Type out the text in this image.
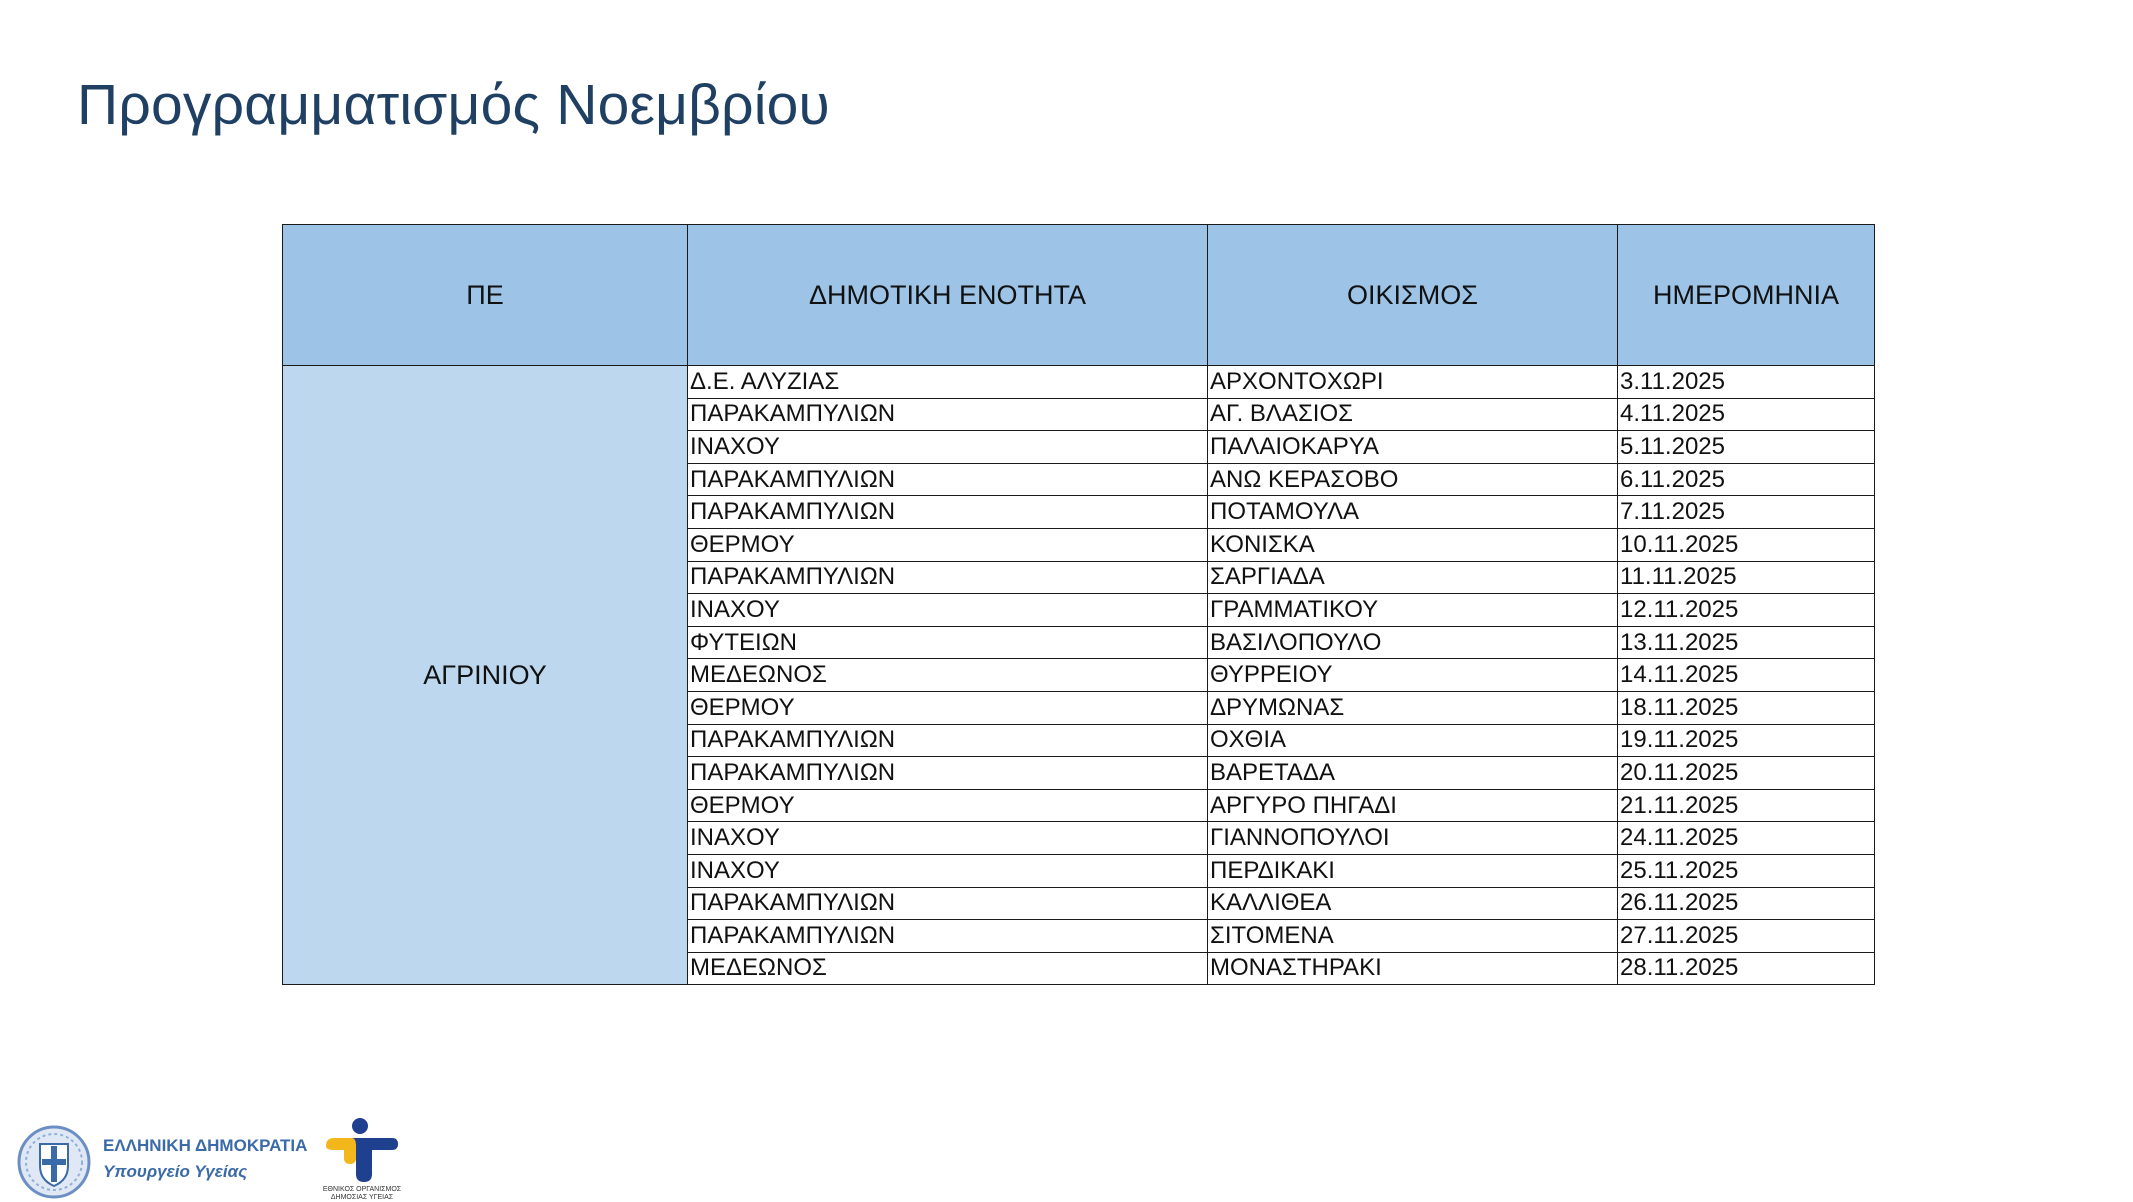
Προγραμματισμός Νοεμβρίου
ΠΕ	ΔΗΜΟΤΙΚΗ ΕΝΟΤΗΤΑ	ΟΙΚΙΣΜΟΣ	ΗΜΕΡΟΜΗΝΙΑ
ΑΓΡΙΝΙΟΥ	Δ.Ε. ΑΛΥΖΙΑΣ	ΑΡΧΟΝΤΟΧΩΡΙ	3.11.2025
	ΠΑΡΑΚΑΜΠΥΛΙΩΝ	ΑΓ. ΒΛΑΣΙΟΣ	4.11.2025
	ΙΝΑΧΟΥ	ΠΑΛΑΙΟΚΑΡΥΑ	5.11.2025
	ΠΑΡΑΚΑΜΠΥΛΙΩΝ	ΑΝΩ ΚΕΡΑΣΟΒΟ	6.11.2025
	ΠΑΡΑΚΑΜΠΥΛΙΩΝ	ΠΟΤΑΜΟΥΛΑ	7.11.2025
	ΘΕΡΜΟΥ	ΚΟΝΙΣΚΑ	10.11.2025
	ΠΑΡΑΚΑΜΠΥΛΙΩΝ	ΣΑΡΓΙΑΔΑ	11.11.2025
	ΙΝΑΧΟΥ	ΓΡΑΜΜΑΤΙΚΟΥ	12.11.2025
	ΦΥΤΕΙΩΝ	ΒΑΣΙΛΟΠΟΥΛΟ	13.11.2025
	ΜΕΔΕΩΝΟΣ	ΘΥΡΡΕΙΟΥ	14.11.2025
	ΘΕΡΜΟΥ	ΔΡΥΜΩΝΑΣ	18.11.2025
	ΠΑΡΑΚΑΜΠΥΛΙΩΝ	ΟΧΘΙΑ	19.11.2025
	ΠΑΡΑΚΑΜΠΥΛΙΩΝ	ΒΑΡΕΤΑΔΑ	20.11.2025
	ΘΕΡΜΟΥ	ΑΡΓΥΡΟ ΠΗΓΑΔΙ	21.11.2025
	ΙΝΑΧΟΥ	ΓΙΑΝΝΟΠΟΥΛΟΙ	24.11.2025
	ΙΝΑΧΟΥ	ΠΕΡΔΙΚΑΚΙ	25.11.2025
	ΠΑΡΑΚΑΜΠΥΛΙΩΝ	ΚΑΛΛΙΘΕΑ	26.11.2025
	ΠΑΡΑΚΑΜΠΥΛΙΩΝ	ΣΙΤΟΜΕΝΑ	27.11.2025
	ΜΕΔΕΩΝΟΣ	ΜΟΝΑΣΤΗΡΑΚΙ	28.11.2025

ΕΛΛΗΝΙΚΗ ΔΗΜΟΚΡΑΤΙΑ

Υπουργείο Υγείας

ΕΘΝΙΚΟΣ ΟΡΓΑΝΙΣΜΟΣ ΔΗΜΟΣΙΑΣ ΥΓΕΙΑΣ
